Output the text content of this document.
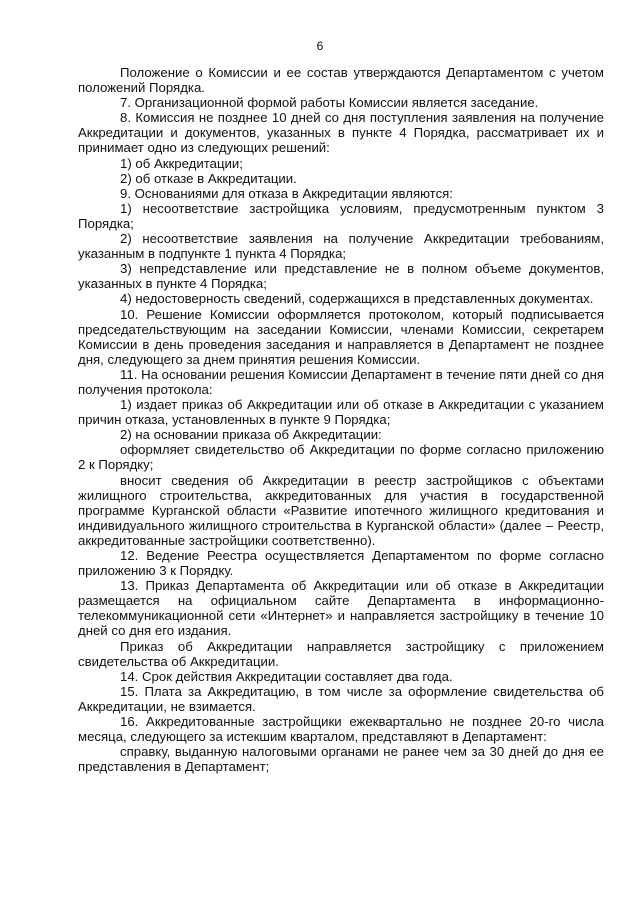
6

Положение о Комиссии и ее состав утверждаются Департаментом с учетом положений Порядка.

7. Организационной формой работы Комиссии является заседание.

8. Комиссия не позднее 10 дней со дня поступления заявления на получение Аккредитации и документов, указанных в пункте 4 Порядка, рассматривает их и принимает одно из следующих решений:

1) об Аккредитации;

2) об отказе в Аккредитации.

9. Основаниями для отказа в Аккредитации являются:

1) несоответствие застройщика условиям, предусмотренным пунктом 3 Порядка;

2) несоответствие заявления на получение Аккредитации требованиям, указанным в подпункте 1 пункта 4 Порядка;

3) непредставление или представление не в полном объеме документов, указанных в пункте 4 Порядка;

4) недостоверность сведений, содержащихся в представленных документах.

10. Решение Комиссии оформляется протоколом, который подписывается председательствующим на заседании Комиссии, членами Комиссии, секретарем Комиссии в день проведения заседания и направляется в Департамент не позднее дня, следующего за днем принятия решения Комиссии.

11. На основании решения Комиссии Департамент в течение пяти дней со дня получения протокола:

1) издает приказ об Аккредитации или об отказе в Аккредитации с указанием причин отказа, установленных в пункте 9 Порядка;

2) на основании приказа об Аккредитации:

оформляет свидетельство об Аккредитации по форме согласно приложению 2 к Порядку;

вносит сведения об Аккредитации в реестр застройщиков с объектами жилищного строительства, аккредитованных для участия в государственной программе Курганской области «Развитие ипотечного жилищного кредитования и индивидуального жилищного строительства в Курганской области» (далее – Реестр, аккредитованные застройщики соответственно).

12. Ведение Реестра осуществляется Департаментом по форме согласно приложению 3 к Порядку.

13. Приказ Департамента об Аккредитации или об отказе в Аккредитации размещается на официальном сайте Департамента в информационно-телекоммуникационной сети «Интернет» и направляется застройщику в течение 10 дней со дня его издания.

Приказ об Аккредитации направляется застройщику с приложением свидетельства об Аккредитации.

14. Срок действия Аккредитации составляет два года.

15. Плата за Аккредитацию, в том числе за оформление свидетельства об Аккредитации, не взимается.

16. Аккредитованные застройщики ежеквартально не позднее 20-го числа месяца, следующего за истекшим кварталом, представляют в Департамент:

справку, выданную налоговыми органами не ранее чем за 30 дней до дня ее представления в Департамент;
